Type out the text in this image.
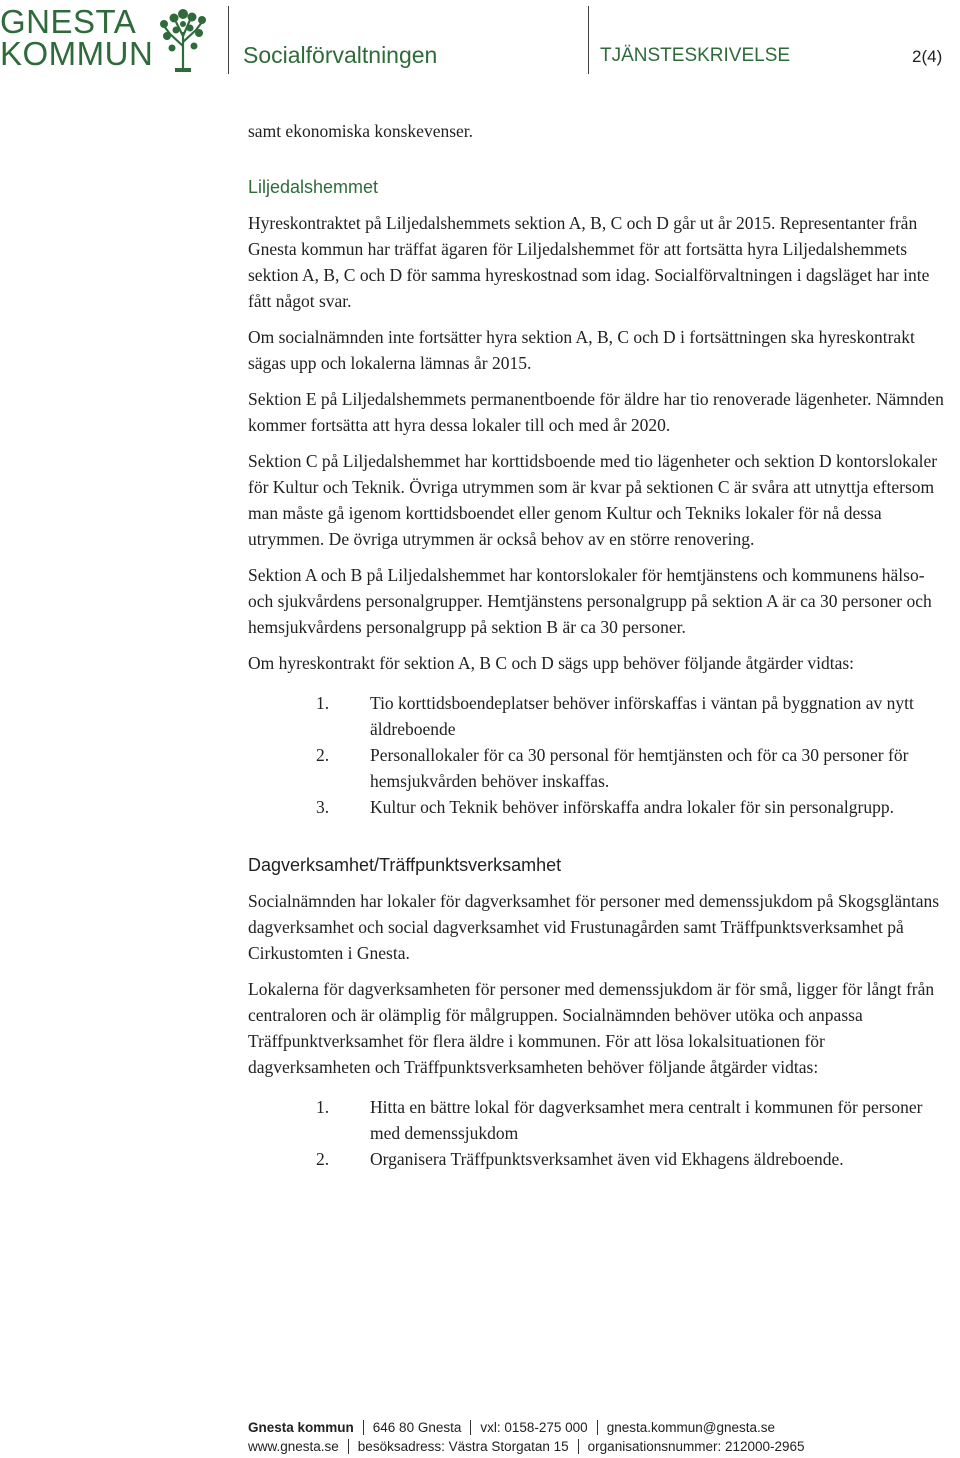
GNESTA
KOMMUN	Socialförvaltningen	TJÄNSTESKRIVELSE	2(4)

samt ekonomiska konskevenser.

Liljedalshemmet

Hyreskontraktet på Liljedalshemmets sektion A, B, C och D går ut år 2015. Representanter från Gnesta kommun har träffat ägaren för Liljedalshemmet för att fortsätta hyra Liljedalshemmets sektion A, B, C och D för samma hyreskostnad som idag. Socialförvaltningen i dagsläget har inte fått något svar.

Om socialnämnden inte fortsätter hyra sektion A, B, C och D i fortsättningen ska hyreskontrakt sägas upp och lokalerna lämnas år 2015.

Sektion E på Liljedalshemmets permanentboende för äldre har tio renoverade lägenheter. Nämnden kommer fortsätta att hyra dessa lokaler till och med år 2020.

Sektion C på Liljedalshemmet har korttidsboende med tio lägenheter och sektion D kontorslokaler för Kultur och Teknik. Övriga utrymmen som är kvar på sektionen C är svåra att utnyttja eftersom man måste gå igenom korttidsboendet eller genom Kultur och Tekniks lokaler för nå dessa utrymmen. De övriga utrymmen är också behov av en större renovering.

Sektion A och B på Liljedalshemmet har kontorslokaler för hemtjänstens och kommunens hälso- och sjukvårdens personalgrupper. Hemtjänstens personalgrupp på sektion A är ca 30 personer och hemsjukvårdens personalgrupp på sektion B är ca 30 personer.

Om hyreskontrakt för sektion A, B C och D sägs upp behöver följande åtgärder vidtas:

1. Tio korttidsboendeplatser behöver införskaffas i väntan på byggnation av nytt äldreboende
2. Personallokaler för ca 30 personal för hemtjänsten och för ca 30 personer för hemsjukvården behöver inskaffas.
3. Kultur och Teknik behöver införskaffa andra lokaler för sin personalgrupp.
Dagverksamhet/Träffpunktsverksamhet

Socialnämnden har lokaler för dagverksamhet för personer med demenssjukdom på Skogsgläntans dagverksamhet och social dagverksamhet vid Frustunagården samt Träffpunktsverksamhet på Cirkustomten i Gnesta.

Lokalerna för dagverksamheten för personer med demenssjukdom är för små, ligger för långt från centraloren och är olämplig för målgruppen. Socialnämnden behöver utöka och anpassa Träffpunktverksamhet för flera äldre i kommunen. För att lösa lokalsituationen för dagverksamheten och Träffpunktsverksamheten behöver följande åtgärder vidtas:

1. Hitta en bättre lokal för dagverksamhet mera centralt i kommunen för personer med demenssjukdom
2. Organisera Träffpunktsverksamhet även vid Ekhagens äldreboende.
Gnesta kommun 646 80 Gnesta vxl: 0158-275 000 gnesta.kommun@gnesta.se
www.gnesta.se besöksadress: Västra Storgatan 15 organisationsnummer: 212000-2965
